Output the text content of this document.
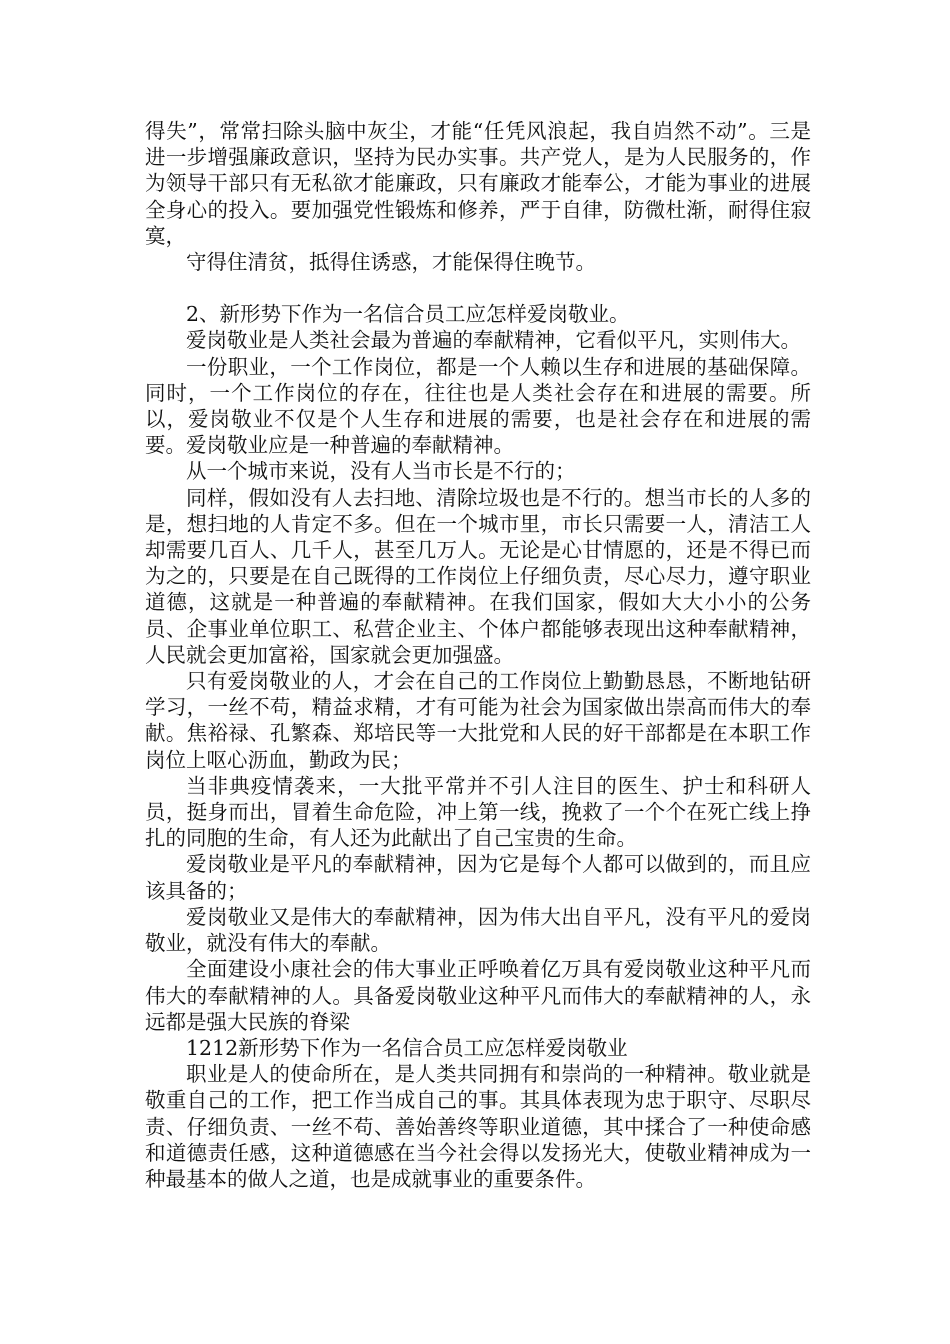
得失”，常常扫除头脑中灰尘，才能“任凭风浪起，我自岿然不动”。三是进一步增强廉政意识，坚持为民办实事。共产党人，是为人民服务的，作为领导干部只有无私欲才能廉政，只有廉政才能奉公，才能为事业的进展全身心的投入。要加强党性锻炼和修养，严于自律，防微杜渐，耐得住寂寞，

守得住清贫，抵得住诱惑，才能保得住晚节。

2、新形势下作为一名信合员工应怎样爱岗敬业。

爱岗敬业是人类社会最为普遍的奉献精神，它看似平凡，实则伟大。

一份职业，一个工作岗位，都是一个人赖以生存和进展的基础保障。同时，一个工作岗位的存在，往往也是人类社会存在和进展的需要。所以，爱岗敬业不仅是个人生存和进展的需要，也是社会存在和进展的需要。爱岗敬业应是一种普遍的奉献精神。

从一个城市来说，没有人当市长是不行的；

同样，假如没有人去扫地、清除垃圾也是不行的。想当市长的人多的是，想扫地的人肯定不多。但在一个城市里，市长只需要一人，清洁工人却需要几百人、几千人，甚至几万人。无论是心甘情愿的，还是不得已而为之的，只要是在自己既得的工作岗位上仔细负责，尽心尽力，遵守职业道德，这就是一种普遍的奉献精神。在我们国家，假如大大小小的公务员、企事业单位职工、私营企业主、个体户都能够表现出这种奉献精神，人民就会更加富裕，国家就会更加强盛。

只有爱岗敬业的人，才会在自己的工作岗位上勤勤恳恳，不断地钻研学习，一丝不苟，精益求精，才有可能为社会为国家做出崇高而伟大的奉献。焦裕禄、孔繁森、郑培民等一大批党和人民的好干部都是在本职工作岗位上呕心沥血，勤政为民；

当非典疫情袭来，一大批平常并不引人注目的医生、护士和科研人员，挺身而出，冒着生命危险，冲上第一线，挽救了一个个在死亡线上挣扎的同胞的生命，有人还为此献出了自己宝贵的生命。

爱岗敬业是平凡的奉献精神，因为它是每个人都可以做到的，而且应该具备的；

爱岗敬业又是伟大的奉献精神，因为伟大出自平凡，没有平凡的爱岗敬业，就没有伟大的奉献。

全面建设小康社会的伟大事业正呼唤着亿万具有爱岗敬业这种平凡而伟大的奉献精神的人。具备爱岗敬业这种平凡而伟大的奉献精神的人，永远都是强大民族的脊梁

1212新形势下作为一名信合员工应怎样爱岗敬业

职业是人的使命所在，是人类共同拥有和崇尚的一种精神。敬业就是敬重自己的工作，把工作当成自己的事。其具体表现为忠于职守、尽职尽责、仔细负责、一丝不苟、善始善终等职业道德，其中揉合了一种使命感和道德责任感，这种道德感在当今社会得以发扬光大，使敬业精神成为一种最基本的做人之道，也是成就事业的重要条件。
